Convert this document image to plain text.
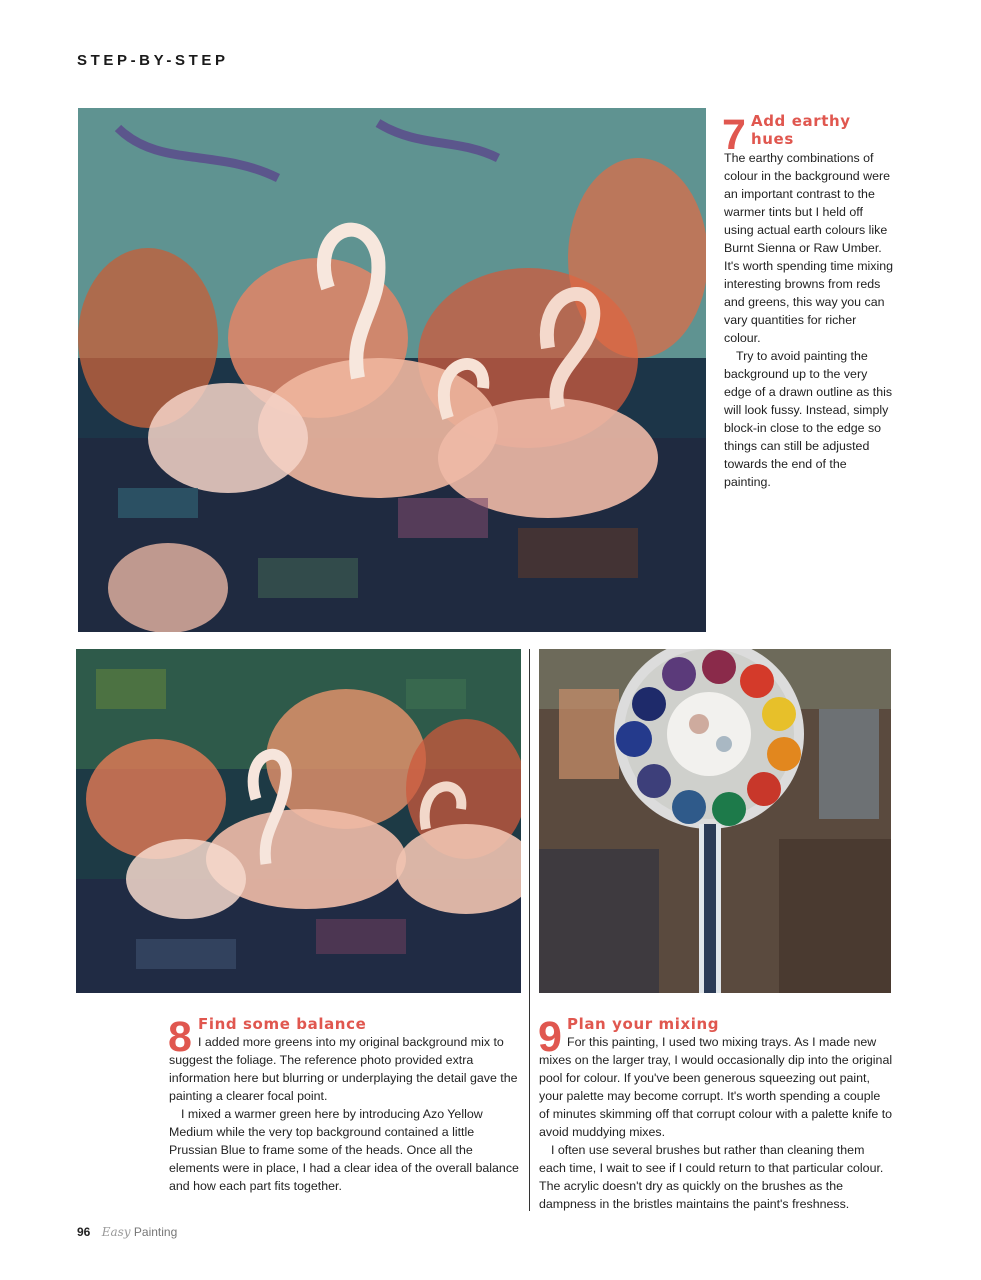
STEP-BY-STEP
7 Add earthy hues

The earthy combinations of colour in the background were an important contrast to the warmer tints but I held off using actual earth colours like Burnt Sienna or Raw Umber. It's worth spending time mixing interesting browns from reds and greens, this way you can vary quantities for richer colour.

Try to avoid painting the background up to the very edge of a drawn outline as this will look fussy. Instead, simply block-in close to the edge so things can still be adjusted towards the end of the painting.

8 Find some balance

I added more greens into my original background mix to suggest the foliage. The reference photo provided extra information here but blurring or underplaying the detail gave the painting a clearer focal point.

I mixed a warmer green here by introducing Azo Yellow Medium while the very top background contained a little Prussian Blue to frame some of the heads. Once all the elements were in place, I had a clear idea of the overall balance and how each part fits together.

9 Plan your mixing

For this painting, I used two mixing trays. As I made new mixes on the larger tray, I would occasionally dip into the original pool for colour. If you've been generous squeezing out paint, your palette may become corrupt. It's worth spending a couple of minutes skimming off that corrupt colour with a palette knife to avoid muddying mixes.

I often use several brushes but rather than cleaning them each time, I wait to see if I could return to that particular colour. The acrylic doesn't dry as quickly on the brushes as the dampness in the bristles maintains the paint's freshness.

96 Easy Painting
